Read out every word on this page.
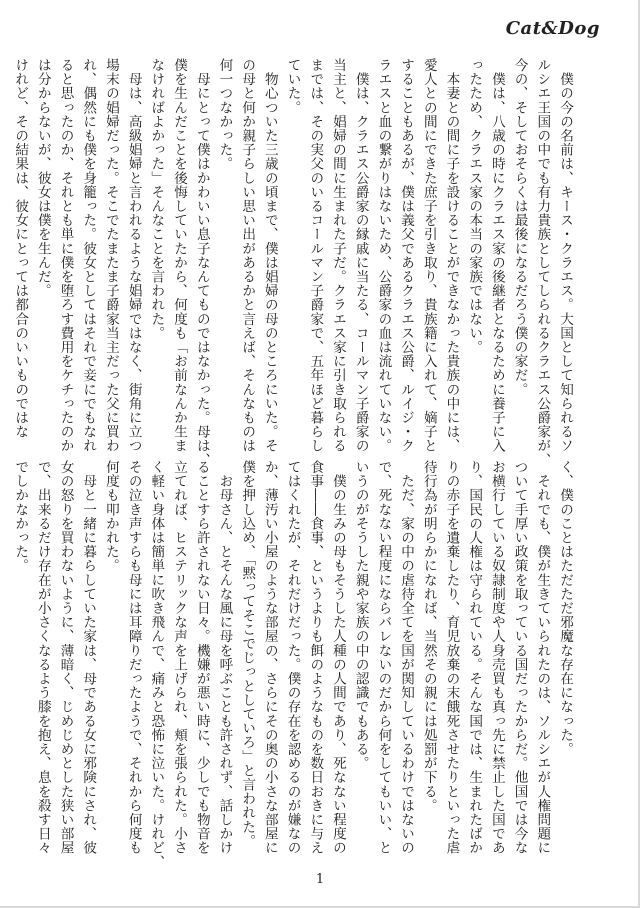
Cat&Dog
　僕の今の名前は、キース・クラエス。大国として知られるソ
ルシエ王国の中でも有力貴族としてしられるクラエス公爵家が、
今の、そしておそらくは最後になるだろう僕の家だ。
　僕は、八歳の時にクラエス家の後継者となるために養子に入
ったため、クラエス家の本当の家族ではない。
　本妻との間に子を設けることができなかった貴族の中には、
愛人との間にできた庶子を引き取り、貴族籍に入れて、嫡子と
することもあるが、僕は義父であるクラエス公爵、ルイジ・ク
ラエスと血の繋がりはないため、公爵家の血は流れていない。
　僕は、クラエス公爵家の縁戚に当たる、コールマン子爵家の
当主と、娼婦の間に生まれた子だ。クラエス家に引き取られる
までは、その実父のいるコールマン子爵家で、五年ほど暮らし
ていた。
　物心ついた三歳の頃まで、僕は娼婦の母のところにいた。そ
の母と何か親子らしい思い出があるかと言えば、そんなものは
何一つなかった。
　母にとって僕はかわいい息子なんてものではなかった。母は、
僕を生んだことを後悔していたから、何度も「お前なんか生ま
なければよかった」そんなことを言われた。
　母は、高級娼婦と言われるような娼婦ではなく、街角に立つ
場末の娼婦だった。そこでたまたま子爵家当主だった父に買わ
れ、偶然にも僕を身籠った。彼女としてはそれで妾にでもなれ
ると思ったのか、それとも単に僕を堕ろす費用をケチったのか
は分からないが、彼女は僕を生んだ。
けれど、その結果は、彼女にとっては都合のいいものではな
く、僕のことはただただ邪魔な存在になった。
　それでも、僕が生きていられたのは、ソルシエが人権問題に
ついて手厚い政策を取っている国だったからだ。他国では今な
お横行している奴隷制度や人身売買も真っ先に禁止した国であ
り、国民の人権は守られている。そんな国では、生まれたばか
りの赤子を遺棄したり、育児放棄の末餓死させたりといった虐
待行為が明らかになれば、当然その親には処罰が下る。
　ただ、家の中の虐待全てを国が関知しているわけではないの
で、死なない程度にならバレないのだから何をしてもいい、と
いうのがそうした親や家族の中の認識でもある。
　僕の生みの母もそうした人種の人間であり、死なない程度の
食事――食事、というよりも餌のようなものを数日おきに与え
てはくれたが、それだけだった。僕の存在を認めるのが嫌なの
か、薄汚い小屋のような部屋の、さらにその奥の小さな部屋に
僕を押し込め、「黙ってそこでじっとしていろ」と言われた。
　お母さん、とそんな風に母を呼ぶことも許されず、話しかけ
ることすら許されない日々。機嫌が悪い時に、少しでも物音を
立てれば、ヒステリックな声を上げられ、頬を張られた。小さ
く軽い身体は簡単に吹き飛んで、痛みと恐怖に泣いた。けれど、
その泣き声すらも母には耳障りだったようで、それから何度も
何度も叩かれた。
　母と一緒に暮らしていた家は、母である女に邪険にされ、彼
女の怒りを買わないように、薄暗く、じめじめとした狭い部屋
で、出来るだけ存在が小さくなるよう膝を抱え、息を殺す日々
でしかなかった。
1
